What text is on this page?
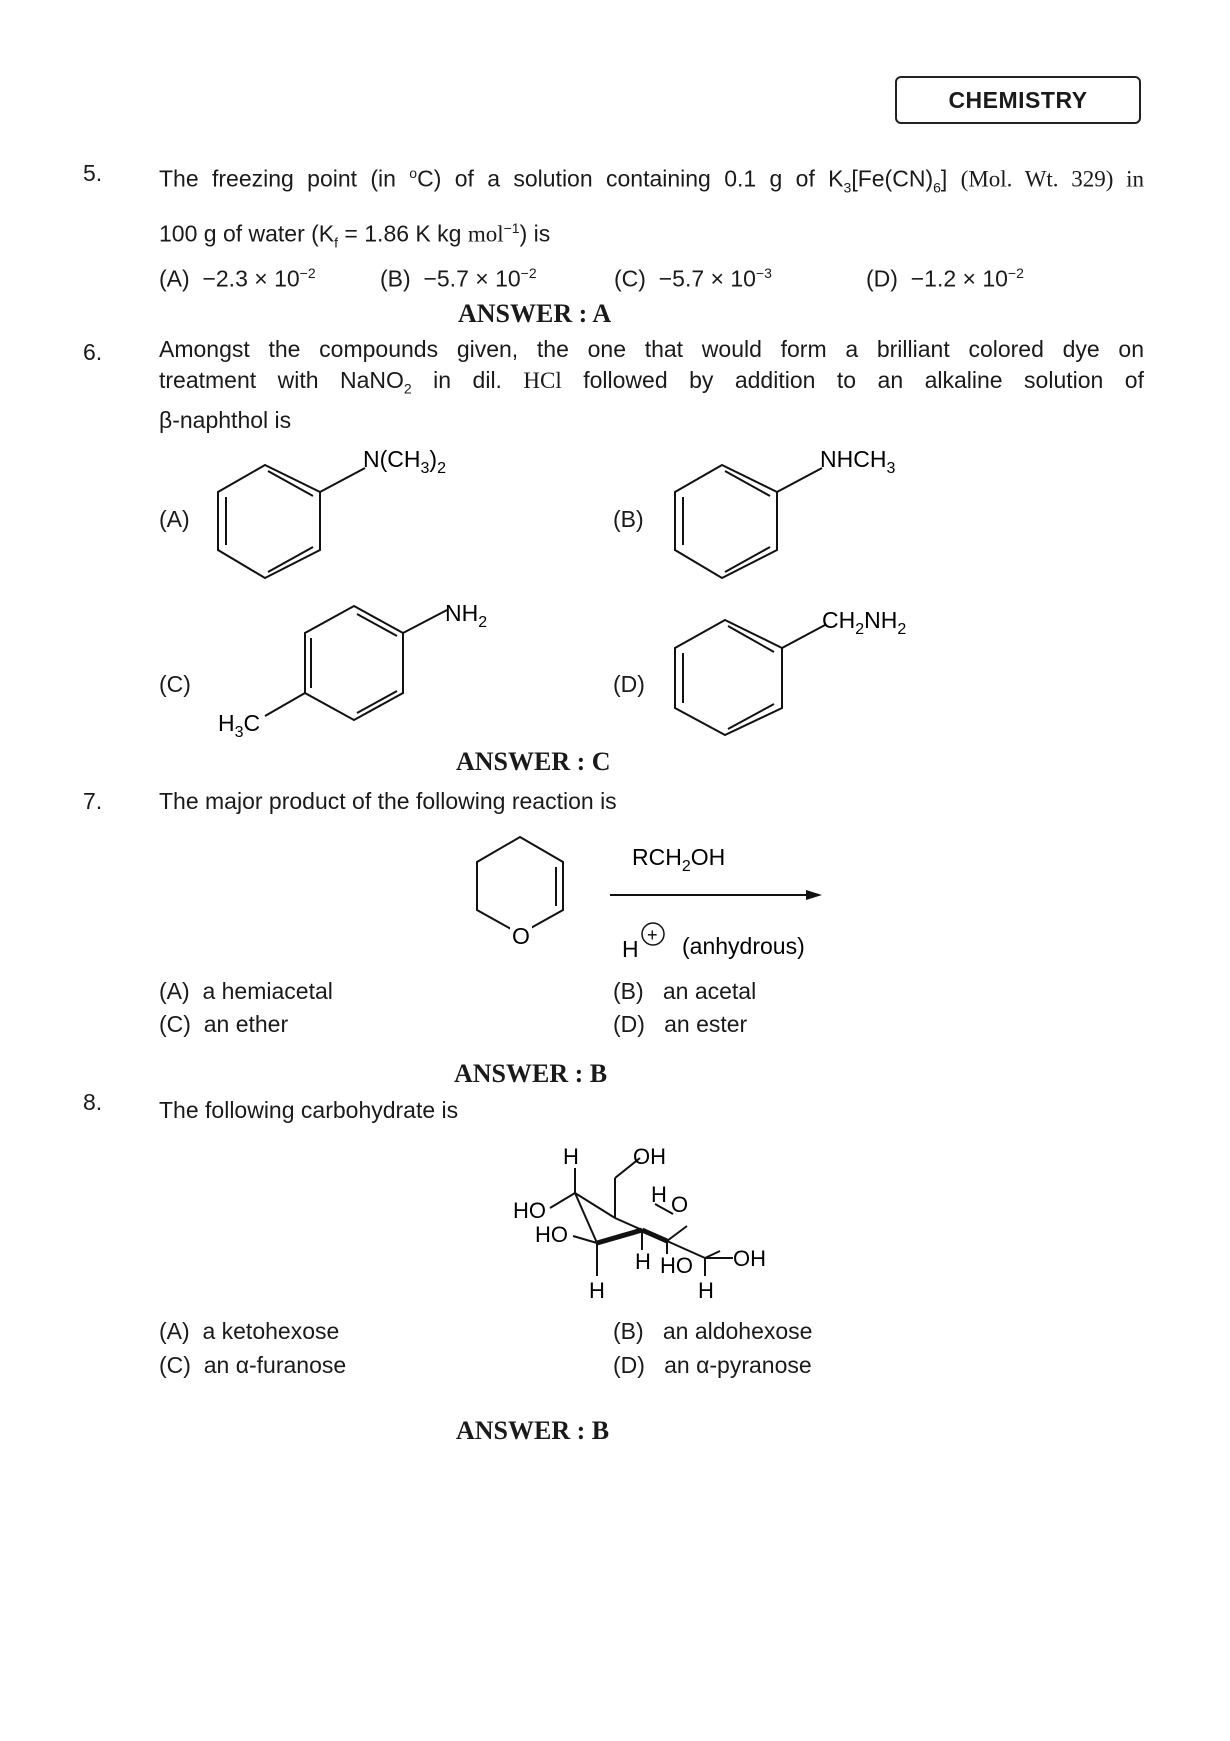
CHEMISTRY
5. The freezing point (in $^o$C) of a solution containing 0.1 g of $K_3[Fe(CN)_6]$ (Mol. Wt. 329) in
100 g of water ($K_f = 1.86$ K kg mol$^{-1}$) is
$(A) -2.3 \times 10^{-2}$	$(B) -5.7 \times 10^{-2}$	$(C) -5.7 \times 10^{-3}$	$(D) -1.2 \times 10^{-2}$
ANSWER : A
6. Amongst the compounds given, the one that would form a brilliant colored dye on
treatment with NaNO$_2$ in dil. HCl followed by addition to an alkaline solution of
β-naphthol is
(A)
$N(CH_3)_2$
(B)
$NHCH_3$
(C)
$NH_2$
$H_3C$
(D)
$CH_2NH_2$
ANSWER : C
7. The major product of the following reaction is
O
$RCH_2OH$
H
+ (anhydrous)
(A) a hemiacetal	(B) an acetal
(C) an ether	(D) an ester
ANSWER : B
8. The following carbohydrate is
H OH
H O
HO
HO
H HO OH
H	H
(A) a ketohexose	(B) an aldohexose
(C) an α-furanose	(D) an α-pyranose
ANSWER : B
